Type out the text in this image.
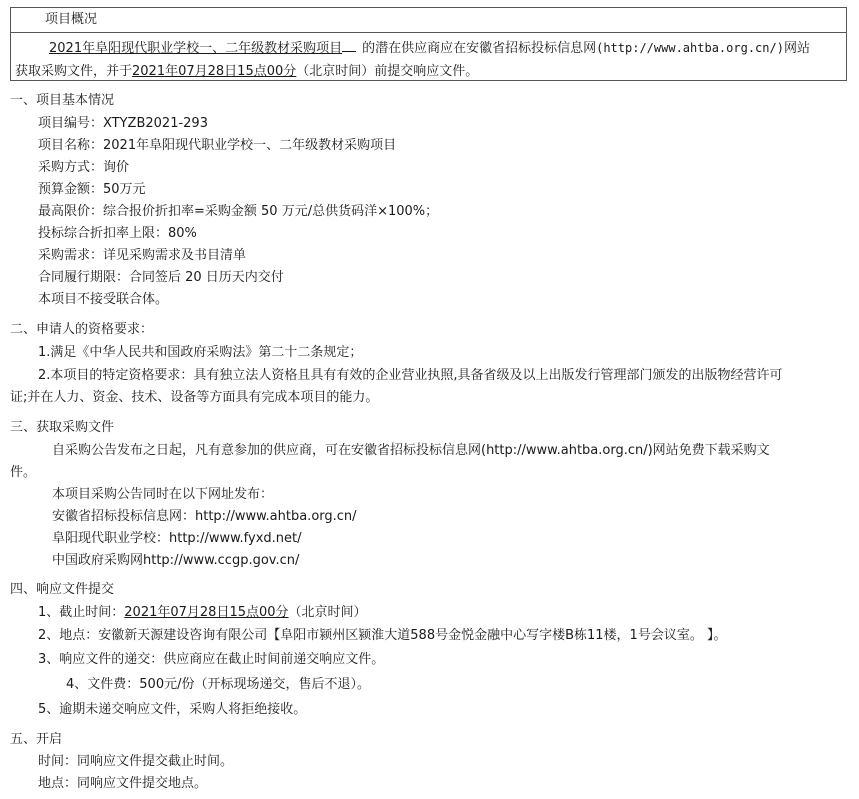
项目概况
2021年阜阳现代职业学校一、二年级教材采购项目 的潜在供应商应在安徽省招标投标信息网(http://www.ahtba.org.cn/)网站
获取采购文件，并于2021年07月28日15点00分（北京时间）前提交响应文件。
一、项目基本情况
项目编号：XTYZB2021-293
项目名称：2021年阜阳现代职业学校一、二年级教材采购项目
采购方式：询价
预算金额：50万元
最高限价：综合报价折扣率=采购金额 50 万元/总供货码洋×100%；
投标综合折扣率上限：80%
采购需求：详见采购需求及书目清单
合同履行期限：合同签后 20 日历天内交付
本项目不接受联合体。
二、申请人的资格要求：
1.满足《中华人民共和国政府采购法》第二十二条规定；
2.本项目的特定资格要求：具有独立法人资格且具有有效的企业营业执照,具备省级及以上出版发行管理部门颁发的出版物经营许可
证;并在人力、资金、技术、设备等方面具有完成本项目的能力。
三、获取采购文件
自采购公告发布之日起，凡有意参加的供应商，可在安徽省招标投标信息网(http://www.ahtba.org.cn/)网站免费下载采购文
件。
本项目采购公告同时在以下网址发布：
安徽省招标投标信息网：http://www.ahtba.org.cn/
阜阳现代职业学校：http://www.fyxd.net/
中国政府采购网http://www.ccgp.gov.cn/
四、响应文件提交
1、截止时间：2021年07月28日15点00分（北京时间）
2、地点：安徽新天源建设咨询有限公司【阜阳市颍州区颍淮大道588号金悦金融中心写字楼B栋11楼，1号会议室。 】。
3、响应文件的递交：供应商应在截止时间前递交响应文件。
4、文件费：500元/份（开标现场递交，售后不退）。
5、逾期未递交响应文件，采购人将拒绝接收。
五、开启
时间：同响应文件提交截止时间。
地点：同响应文件提交地点。
